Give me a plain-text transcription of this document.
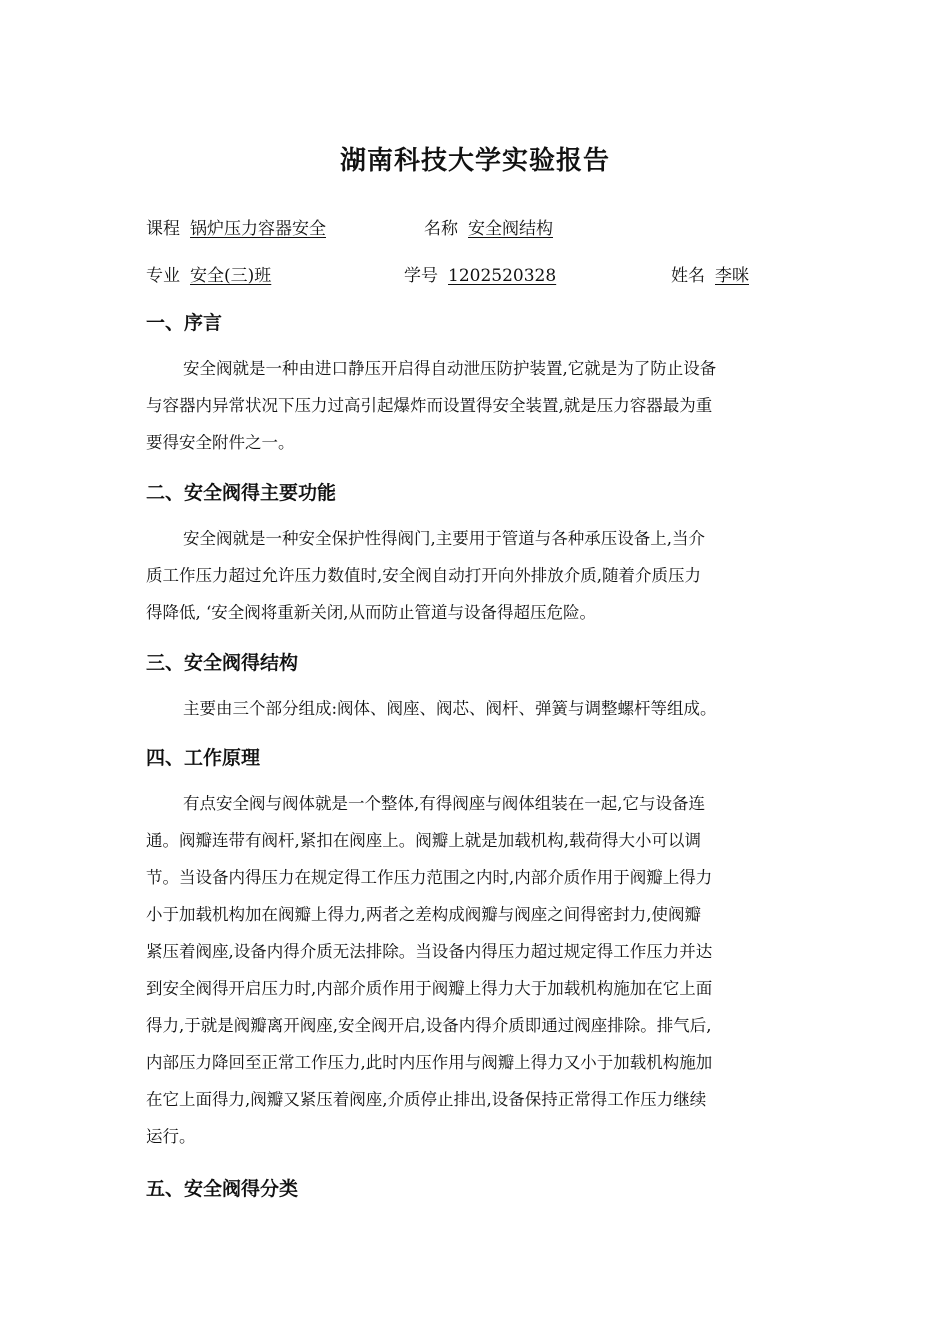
湖南科技大学实验报告
课程 锅炉压力容器安全	名称 安全阀结构
专业 安全(三)班	学号 1202520328	姓名 李咪
一、序言
安全阀就是一种由进口静压开启得自动泄压防护装置,它就是为了防止设备
与容器内异常状况下压力过高引起爆炸而设置得安全装置,就是压力容器最为重
要得安全附件之一。
二、安全阀得主要功能
安全阀就是一种安全保护性得阀门,主要用于管道与各种承压设备上,当介
质工作压力超过允许压力数值时,安全阀自动打开向外排放介质,随着介质压力
得降低, ‘安全阀将重新关闭,从而防止管道与设备得超压危险。
三、安全阀得结构
主要由三个部分组成:阀体、阀座、阀芯、阀杆、弹簧与调整螺杆等组成。
四、工作原理
有点安全阀与阀体就是一个整体,有得阀座与阀体组装在一起,它与设备连
通。阀瓣连带有阀杆,紧扣在阀座上。阀瓣上就是加载机构,载荷得大小可以调
节。当设备内得压力在规定得工作压力范围之内时,内部介质作用于阀瓣上得力
小于加载机构加在阀瓣上得力,两者之差构成阀瓣与阀座之间得密封力,使阀瓣
紧压着阀座,设备内得介质无法排除。当设备内得压力超过规定得工作压力并达
到安全阀得开启压力时,内部介质作用于阀瓣上得力大于加载机构施加在它上面
得力,于就是阀瓣离开阀座,安全阀开启,设备内得介质即通过阀座排除。排气后,
内部压力降回至正常工作压力,此时内压作用与阀瓣上得力又小于加载机构施加
在它上面得力,阀瓣又紧压着阀座,介质停止排出,设备保持正常得工作压力继续
运行。
五、安全阀得分类
